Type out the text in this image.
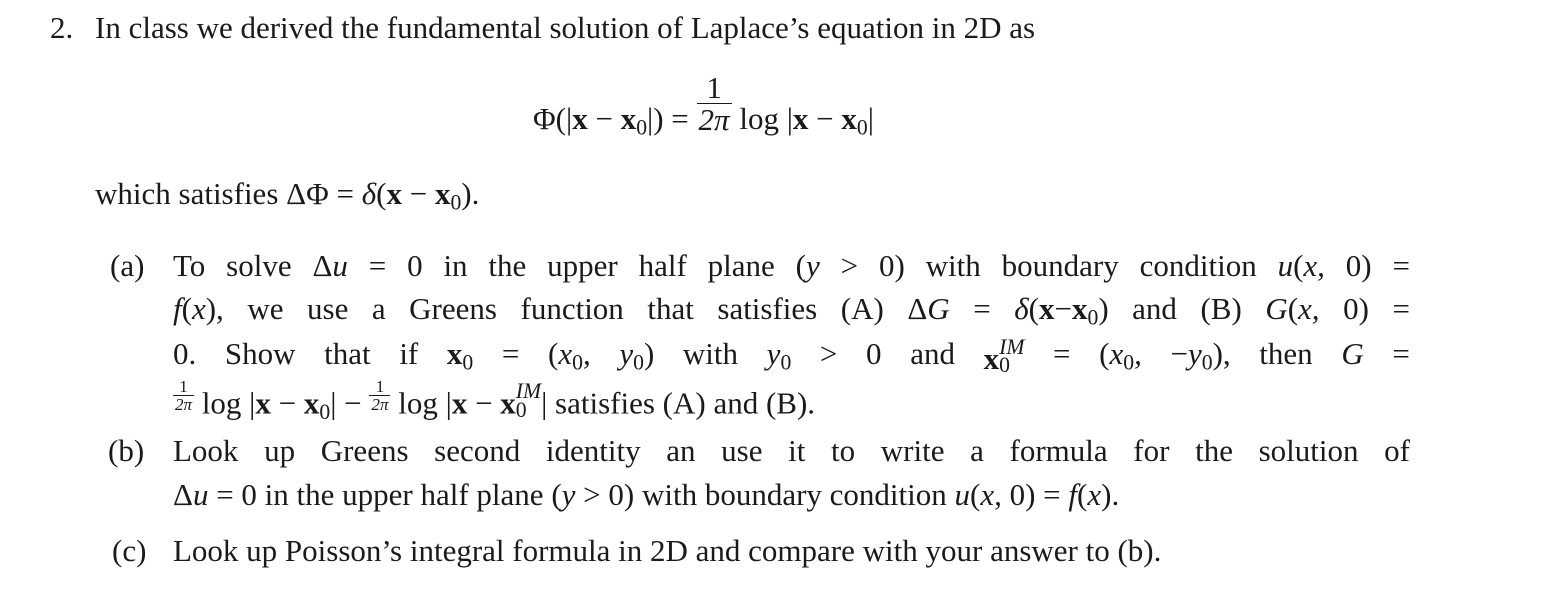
2. In class we derived the fundamental solution of Laplace’s equation in 2D as
$\Phi(|x - x_0|) = \frac{1}{2\pi}$ $\log |x - x_0|$
which satisfies $\Delta\Phi = \delta(x - x_0)$.
(a) To solve Δu = 0 in the upper half plane (y > 0) with boundary condition u(x, 0) =
f(x), we use a Greens function that satisfies (A) $\Delta G = \delta(x-x_0)$ and (B) G(x, 0) =
0. Show that if $x_0 = (x_0$, $y_0$) with $y_0 > 0$ and x IM
0	= ($x_0$, $-y_0$), then G =
$\frac{1}{2\pi}$ $\log |x - x_0| - \frac{1}{2\pi}$ log |x − x IM
0 | satisfies (A) and (B).
(b) Look up Greens second identity an use it to write a formula for the solution of
Δu = 0 in the upper half plane (y > 0) with boundary condition u(x, 0) = f(x).
(c) Look up Poisson’s integral formula in 2D and compare with your answer to (b).
